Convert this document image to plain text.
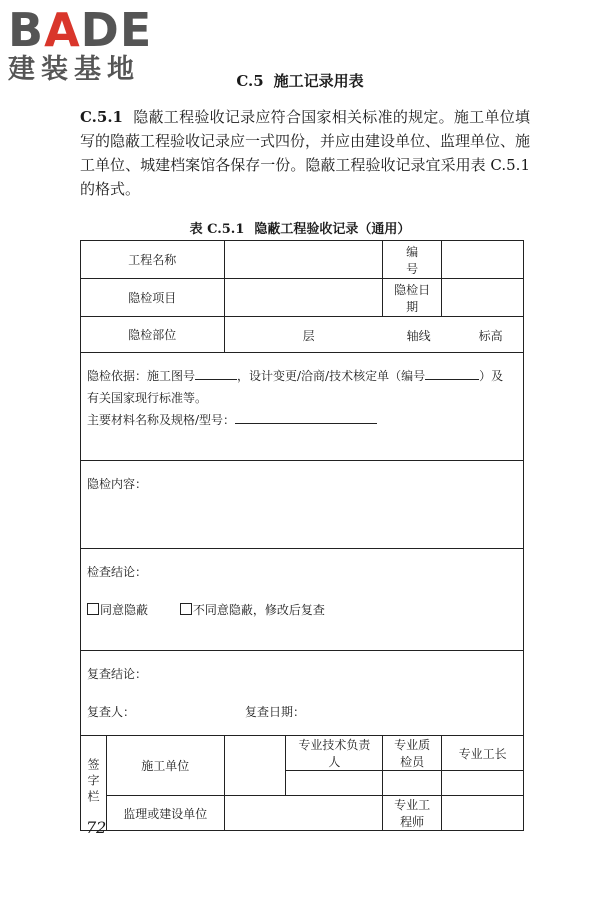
BADE
建装基地	C.5 施工记录用表
C.5.1 隐蔽工程验收记录应符合国家相关标准的规定。施工单位填写的隐蔽工程验收记录应一式四份，并应由建设单位、监理单位、施工单位、城建档案馆各保存一份。隐蔽工程验收记录宜采用表 C.5.1 的格式。
表 C.5.1 隐蔽工程验收记录（通用）
工程名称				编　　号	
隐检项目				隐检日期	
隐检部位		层 轴线 标高			

隐检依据：施工图号 ，设计变更/洽商/技术核定单（编号 ）及
有关国家现行标准等。
主要材料名称及规格/型号：					

隐检内容：					

检查结论：
同意隐蔽 不同意隐蔽，修改后复查					

复查结论：
复查人： 复查日期：					

签字栏	施工单位		专业技术负责人	专业质检员	专业工长

	监理或建设单位			专业工程师	
72
